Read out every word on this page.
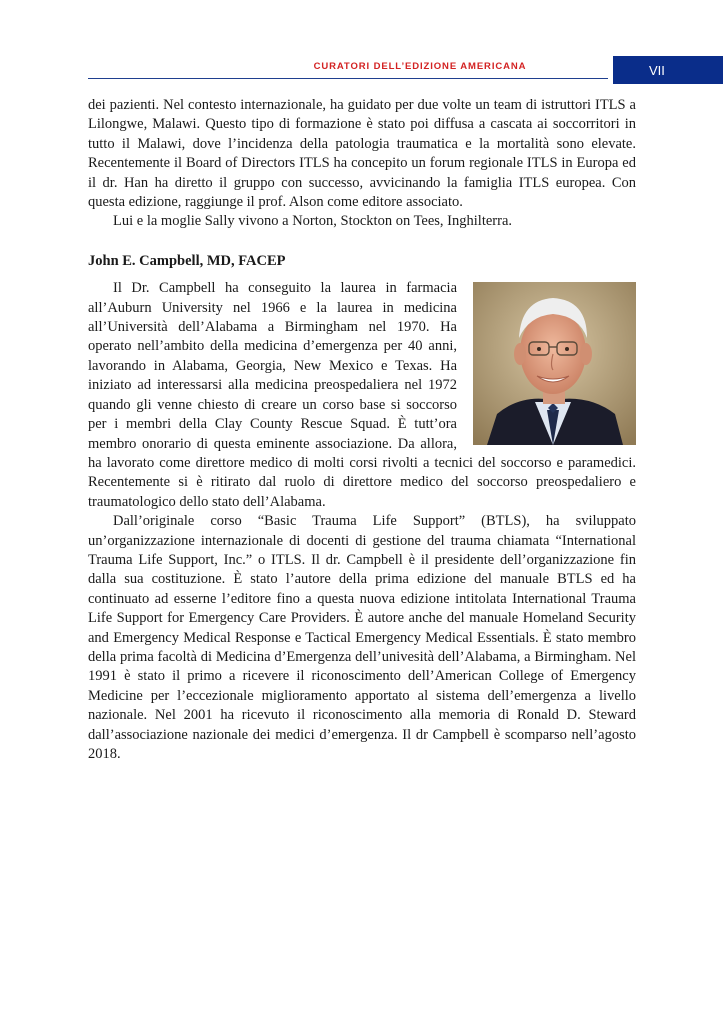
CURATORI DELL’EDIZIONE AMERICANA	VII

dei pazienti. Nel contesto internazionale, ha guidato per due volte un team di istruttori ITLS a Lilongwe, Malawi. Questo tipo di formazione è stato poi diffusa a cascata ai soccorritori in tutto il Malawi, dove l’incidenza della patologia traumatica e la mortalità sono elevate. Recentemente il Board of Directors ITLS ha concepito un forum regionale ITLS in Europa ed il dr. Han ha diretto il gruppo con successo, avvicinando la famiglia ITLS europea. Con questa edizione, raggiunge il prof. Alson come editore associato.

Lui e la moglie Sally vivono a Norton, Stockton on Tees, Inghilterra.

John E. Campbell, MD, FACEP

Il Dr. Campbell ha conseguito la laurea in farmacia all’Auburn University nel 1966 e la laurea in medicina all’Università dell’Alabama a Birmingham nel 1970. Ha operato nell’ambito della medicina d’emergenza per 40 anni, lavorando in Alabama, Georgia, New Mexico e Texas. Ha iniziato ad interessarsi alla medicina preospedaliera nel 1972 quando gli venne chiesto di creare un corso base si soccorso per i membri della Clay County Rescue Squad. È tutt’ora membro onorario di questa eminente associazione. Da allora, ha lavorato come direttore medico di molti corsi rivolti a tecnici del soccorso e paramedici. Recentemente si è ritirato dal ruolo di direttore medico del soccorso preospedaliero e traumatologico dello stato dell’Alabama.

Dall’originale corso “Basic Trauma Life Support” (BTLS), ha sviluppato un’organizzazione internazionale di docenti di gestione del trauma chiamata “International Trauma Life Support, Inc.” o ITLS. Il dr. Campbell è il presidente dell’organizzazione fin dalla sua costituzione. È stato l’autore della prima edizione del manuale BTLS ed ha continuato ad esserne l’editore fino a questa nuova edizione intitolata International Trauma Life Support for Emergency Care Providers. È autore anche del manuale Homeland Security and Emergency Medical Response e Tactical Emergency Medical Essentials. È stato membro della prima facoltà di Medicina d’Emergenza dell’univesità dell’Alabama, a Birmingham. Nel 1991 è stato il primo a ricevere il riconoscimento dell’American College of Emergency Medicine per l’eccezionale miglioramento apportato al sistema dell’emergenza a livello nazionale. Nel 2001 ha ricevuto il riconoscimento alla memoria di Ronald D. Steward dall’associazione nazionale dei medici d’emergenza. Il dr Campbell è scomparso nell’agosto 2018.
